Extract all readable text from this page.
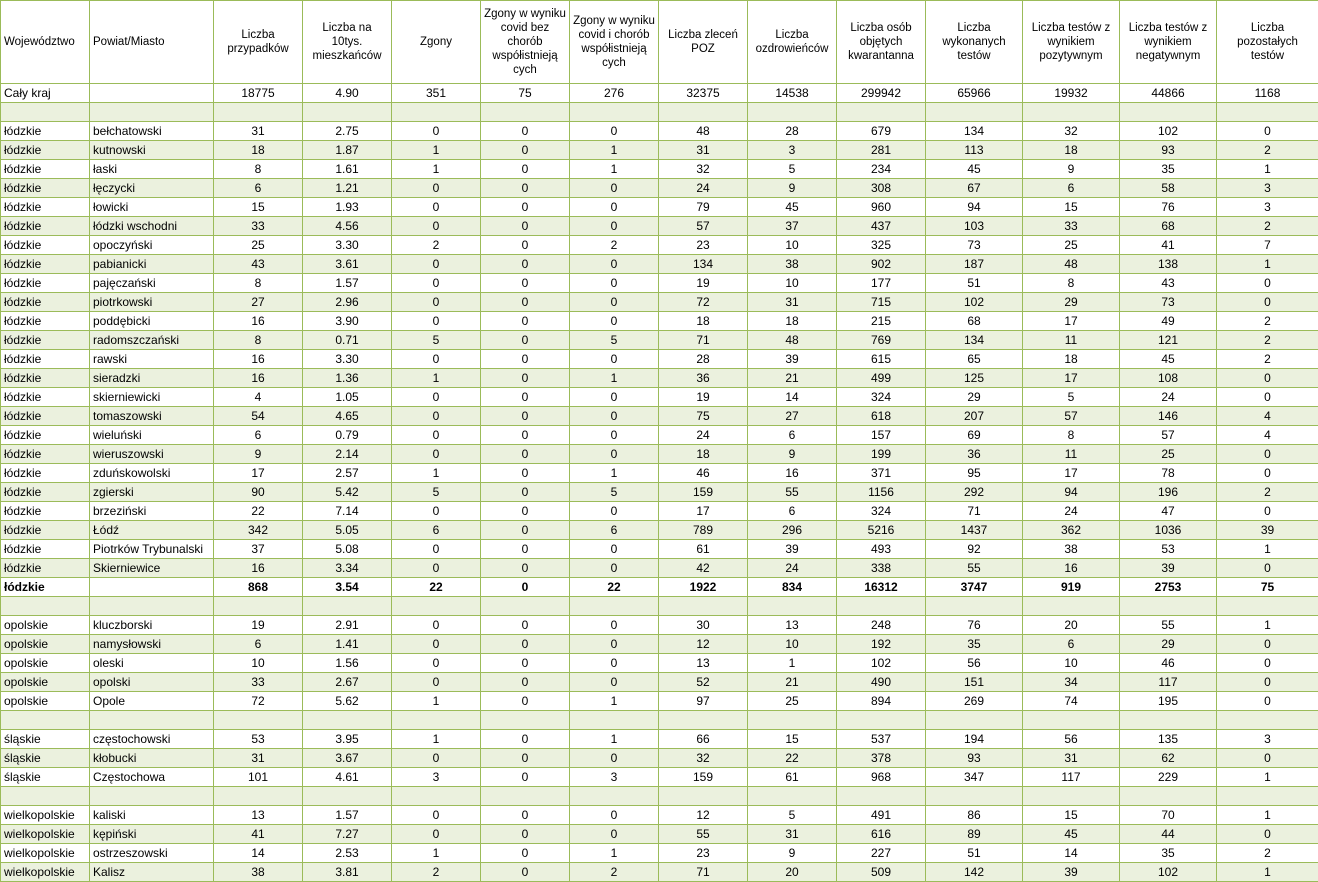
Województwo	Powiat/Miasto	Liczba przypadków	Liczba na 10tys. mieszkańców	Zgony	Zgony w wyniku covid bez chorób współistnieją cych	Zgony w wyniku covid i chorób współistnieją cych	Liczba zleceń POZ	Liczba ozdrowieńców	Liczba osób objętych kwarantanna	Liczba wykonanych testów	Liczba testów z wynikiem pozytywnym	Liczba testów z wynikiem negatywnym	Liczba pozostałych testów
Cały kraj		18775	4.90	351	75	276	32375	14538	299942	65966	19932	44866	1168

łódzkie	bełchatowski	31	2.75	0	0	0	48	28	679	134	32	102	0
łódzkie	kutnowski	18	1.87	1	0	1	31	3	281	113	18	93	2
łódzkie	łaski	8	1.61	1	0	1	32	5	234	45	9	35	1
łódzkie	łęczycki	6	1.21	0	0	0	24	9	308	67	6	58	3
łódzkie	łowicki	15	1.93	0	0	0	79	45	960	94	15	76	3
łódzkie	łódzki wschodni	33	4.56	0	0	0	57	37	437	103	33	68	2
łódzkie	opoczyński	25	3.30	2	0	2	23	10	325	73	25	41	7
łódzkie	pabianicki	43	3.61	0	0	0	134	38	902	187	48	138	1
łódzkie	pajęczański	8	1.57	0	0	0	19	10	177	51	8	43	0
łódzkie	piotrkowski	27	2.96	0	0	0	72	31	715	102	29	73	0
łódzkie	poddębicki	16	3.90	0	0	0	18	18	215	68	17	49	2
łódzkie	radomszczański	8	0.71	5	0	5	71	48	769	134	11	121	2
łódzkie	rawski	16	3.30	0	0	0	28	39	615	65	18	45	2
łódzkie	sieradzki	16	1.36	1	0	1	36	21	499	125	17	108	0
łódzkie	skierniewicki	4	1.05	0	0	0	19	14	324	29	5	24	0
łódzkie	tomaszowski	54	4.65	0	0	0	75	27	618	207	57	146	4
łódzkie	wieluński	6	0.79	0	0	0	24	6	157	69	8	57	4
łódzkie	wieruszowski	9	2.14	0	0	0	18	9	199	36	11	25	0
łódzkie	zduńskowolski	17	2.57	1	0	1	46	16	371	95	17	78	0
łódzkie	zgierski	90	5.42	5	0	5	159	55	1156	292	94	196	2
łódzkie	brzeziński	22	7.14	0	0	0	17	6	324	71	24	47	0
łódzkie	Łódź	342	5.05	6	0	6	789	296	5216	1437	362	1036	39
łódzkie	Piotrków Trybunalski	37	5.08	0	0	0	61	39	493	92	38	53	1
łódzkie	Skierniewice	16	3.34	0	0	0	42	24	338	55	16	39	0
łódzkie		868	3.54	22	0	22	1922	834	16312	3747	919	2753	75

opolskie	kluczborski	19	2.91	0	0	0	30	13	248	76	20	55	1
opolskie	namysłowski	6	1.41	0	0	0	12	10	192	35	6	29	0
opolskie	oleski	10	1.56	0	0	0	13	1	102	56	10	46	0
opolskie	opolski	33	2.67	0	0	0	52	21	490	151	34	117	0
opolskie	Opole	72	5.62	1	0	1	97	25	894	269	74	195	0

śląskie	częstochowski	53	3.95	1	0	1	66	15	537	194	56	135	3
śląskie	kłobucki	31	3.67	0	0	0	32	22	378	93	31	62	0
śląskie	Częstochowa	101	4.61	3	0	3	159	61	968	347	117	229	1

wielkopolskie	kaliski	13	1.57	0	0	0	12	5	491	86	15	70	1
wielkopolskie	kępiński	41	7.27	0	0	0	55	31	616	89	45	44	0
wielkopolskie	ostrzeszowski	14	2.53	1	0	1	23	9	227	51	14	35	2
wielkopolskie	Kalisz	38	3.81	2	0	2	71	20	509	142	39	102	1
